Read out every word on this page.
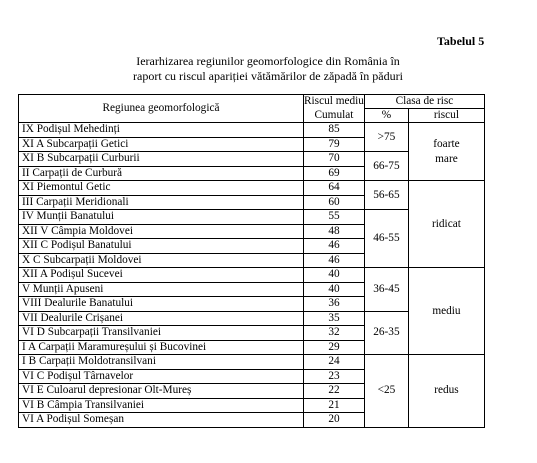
Tabelul 5
Ierarhizarea regiunilor geomorfologice din România în
raport cu riscul apariției vătămărilor de zăpadă în păduri
Regiunea geomorfologică	Riscul mediu	Clasa de risc	
	Cumulat	%	riscul
IX Podișul Mehedinți	85	>75	foarte mare
XI A Subcarpații Getici	79		
XI B Subcarpații Curburii	70	66-75	
II Carpații de Curbură	69		
XI Piemontul Getic	64	56-65	ridicat
III Carpații Meridionali	60		
IV Munții Banatului	55	46-55	
XII V Câmpia Moldovei	48		
XII C Podișul Banatului	46		
X C Subcarpații Moldovei	46		
XII A Podișul Sucevei	40	36-45	mediu
V Munții Apuseni	40		
VIII Dealurile Banatului	36		
VII Dealurile Crișanei	35	26-35	
VI D Subcarpații Transilvaniei	32		
I A Carpații Maramureșului și Bucovinei	29		
I B Carpații Moldotransilvani	24	<25	redus
VI C Podișul Târnavelor	23		
VI E Culoarul depresionar Olt-Mureș	22		
VI B Câmpia Transilvaniei	21		
VI A Podișul Someșan	20		
